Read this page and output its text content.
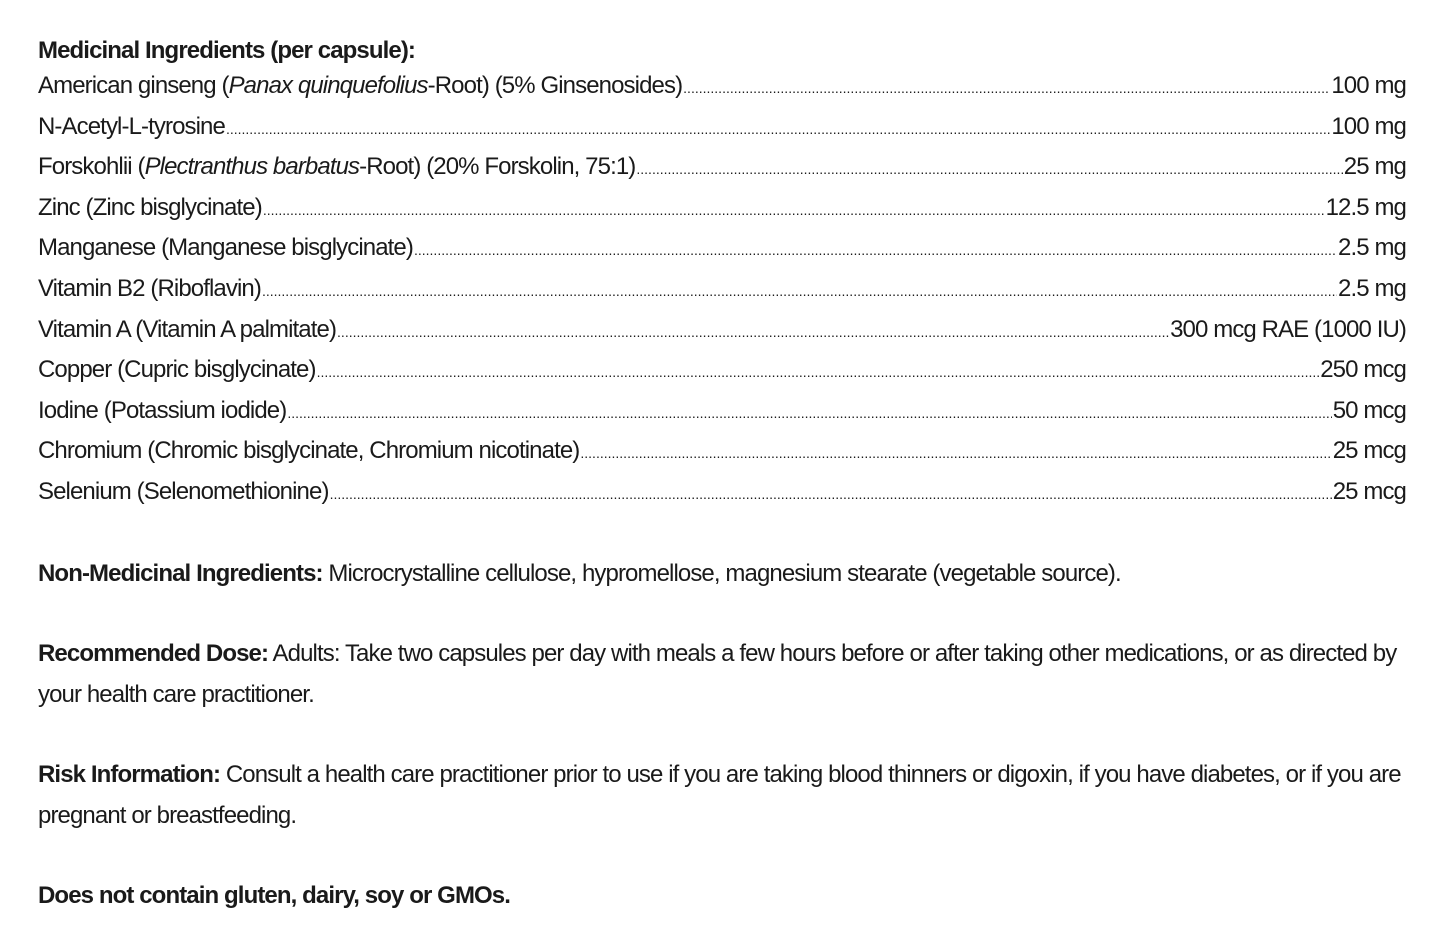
Medicinal Ingredients (per capsule):
American ginseng (Panax quinquefolius-Root) (5% Ginsenosides) .....	100 mg
N-Acetyl-L-tyrosine .....	100 mg
Forskohlii (Plectranthus barbatus-Root) (20% Forskolin, 75:1) .....	25 mg
Zinc (Zinc bisglycinate) .....	12.5 mg
Manganese (Manganese bisglycinate) .....	2.5 mg
Vitamin B2 (Riboflavin) .....	2.5 mg
Vitamin A (Vitamin A palmitate) .....	300 mcg RAE (1000 IU)
Copper (Cupric bisglycinate) .....	250 mcg
Iodine (Potassium iodide) .....	50 mcg
Chromium (Chromic bisglycinate, Chromium nicotinate) .....	25 mcg
Selenium (Selenomethionine) .....	25 mcg

Non-Medicinal Ingredients: Microcrystalline cellulose, hypromellose, magnesium stearate (vegetable source).

Recommended Dose: Adults: Take two capsules per day with meals a few hours before or after taking other medications, or as directed by your health care practitioner.

Risk Information: Consult a health care practitioner prior to use if you are taking blood thinners or digoxin, if you have diabetes, or if you are pregnant or breastfeeding.

Does not contain gluten, dairy, soy or GMOs.
